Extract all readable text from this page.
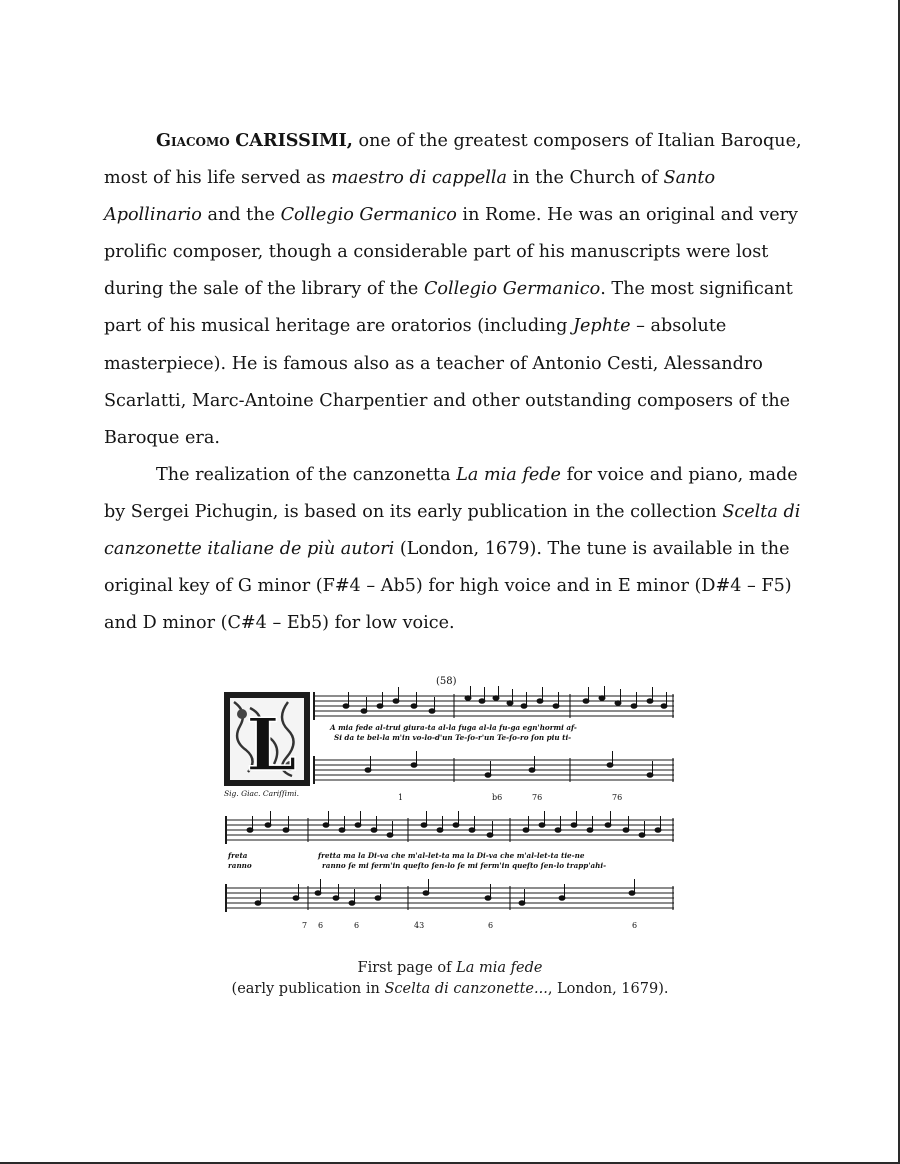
Giacomo CARISSIMI, one of the greatest composers of Italian Baroque, most of his life served as maestro di cappella in the Church of Santo Apollinario and the Collegio Germanico in Rome. He was an original and very prolific composer, though a considerable part of his manuscripts were lost during the sale of the library of the Collegio Germanico. The most significant part of his musical heritage are oratorios (including Jephte – absolute masterpiece). He is famous also as a teacher of Antonio Cesti, Alessandro Scarlatti, Marc-Antoine Charpentier and other outstanding composers of the Baroque era.

The realization of the canzonetta La mia fede for voice and piano, made by Sergei Pichugin, is based on its early publication in the collection Scelta di canzonette italiane de più autori (London, 1679). The tune is available in the original key of G minor (F#4 – Ab5) for high voice and in E minor (D#4 – F5) and D minor (C#4 – Eb5) for low voice.

(58)
L
Sig. Giac. Cariſſimi.
A mia fede al-trui giura-ta al-la fuga al-la fu-ga egn'hormi af-
Si da te bel-la m'in vo-lo-d'un Te-ſo-r'un Te-ſo-ro ſon piu ti-
1	b6	76	76
freta
ranno
fretta ma la Di-va che m'al-let-ta ma la Di-va che m'al-let-ta tie-ne
ranno ſe mi ferm'in queſto ſen-lo ſe mi ferm'in queſto ſen-lo trapp'ahi-
7 6	6	43	6	6
First page of La mia fede
(early publication in Scelta di canzonette..., London, 1679).
